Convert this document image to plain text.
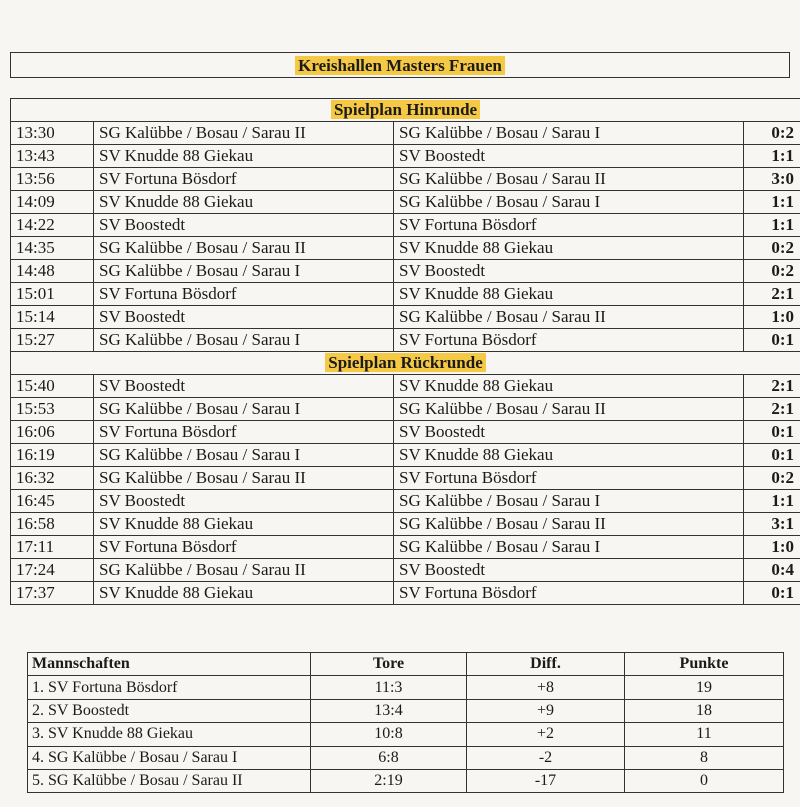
Kreishallen Masters Frauen
Spielplan Hinrunde			
13:30	SG Kalübbe / Bosau / Sarau II	SG Kalübbe / Bosau / Sarau I	0:2
13:43	SV Knudde 88 Giekau	SV Boostedt	1:1
13:56	SV Fortuna Bösdorf	SG Kalübbe / Bosau / Sarau II	3:0
14:09	SV Knudde 88 Giekau	SG Kalübbe / Bosau / Sarau I	1:1
14:22	SV Boostedt	SV Fortuna Bösdorf	1:1
14:35	SG Kalübbe / Bosau / Sarau II	SV Knudde 88 Giekau	0:2
14:48	SG Kalübbe / Bosau / Sarau I	SV Boostedt	0:2
15:01	SV Fortuna Bösdorf	SV Knudde 88 Giekau	2:1
15:14	SV Boostedt	SG Kalübbe / Bosau / Sarau II	1:0
15:27	SG Kalübbe / Bosau / Sarau I	SV Fortuna Bösdorf	0:1
Spielplan Rückrunde			
15:40	SV Boostedt	SV Knudde 88 Giekau	2:1
15:53	SG Kalübbe / Bosau / Sarau I	SG Kalübbe / Bosau / Sarau II	2:1
16:06	SV Fortuna Bösdorf	SV Boostedt	0:1
16:19	SG Kalübbe / Bosau / Sarau I	SV Knudde 88 Giekau	0:1
16:32	SG Kalübbe / Bosau / Sarau II	SV Fortuna Bösdorf	0:2
16:45	SV Boostedt	SG Kalübbe / Bosau / Sarau I	1:1
16:58	SV Knudde 88 Giekau	SG Kalübbe / Bosau / Sarau II	3:1
17:11	SV Fortuna Bösdorf	SG Kalübbe / Bosau / Sarau I	1:0
17:24	SG Kalübbe / Bosau / Sarau II	SV Boostedt	0:4
17:37	SV Knudde 88 Giekau	SV Fortuna Bösdorf	0:1
Mannschaften	Tore	Diff.	Punkte
1. SV Fortuna Bösdorf	11:3	+8	19
2. SV Boostedt	13:4	+9	18
3. SV Knudde 88 Giekau	10:8	+2	11
4. SG Kalübbe / Bosau / Sarau I	6:8	-2	8
5. SG Kalübbe / Bosau / Sarau II	2:19	-17	0
